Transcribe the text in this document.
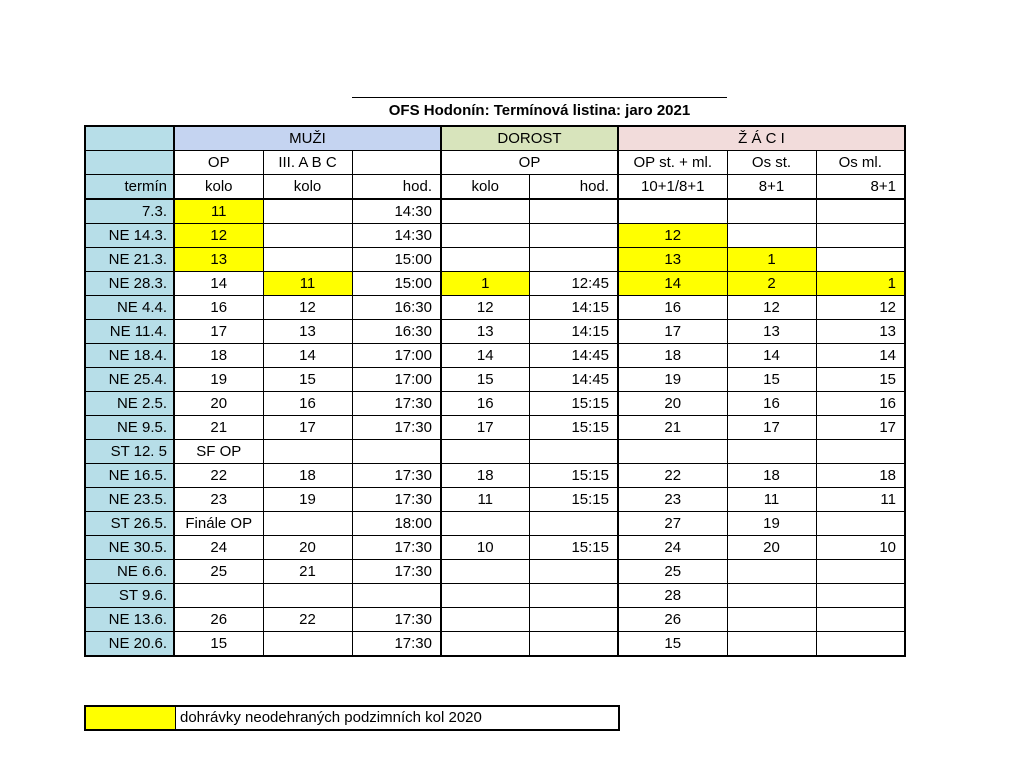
OFS Hodonín: Termínová listina: jaro 2021
	MUŽI			DOROST		Ž Á C I		
	OP	III. A B C		OP		OP st. + ml.	Os st.	Os ml.
termín	kolo	kolo	hod.	kolo	hod.	10+1/8+1	8+1	8+1
7.3.	11		14:30					
NE 14.3.	12		14:30			12		
NE 21.3.	13		15:00			13	1	
NE 28.3.	14	11	15:00	1	12:45	14	2	1
NE 4.4.	16	12	16:30	12	14:15	16	12	12
NE 11.4.	17	13	16:30	13	14:15	17	13	13
NE 18.4.	18	14	17:00	14	14:45	18	14	14
NE 25.4.	19	15	17:00	15	14:45	19	15	15
NE 2.5.	20	16	17:30	16	15:15	20	16	16
NE 9.5.	21	17	17:30	17	15:15	21	17	17
ST 12. 5	SF OP							
NE 16.5.	22	18	17:30	18	15:15	22	18	18
NE 23.5.	23	19	17:30	11	15:15	23	11	11
ST 26.5.	Finále OP		18:00			27	19	
NE 30.5.	24	20	17:30	10	15:15	24	20	10
NE 6.6.	25	21	17:30			25		
ST 9.6.						28		
NE 13.6.	26	22	17:30			26		
NE 20.6.	15		17:30			15		
dohrávky neodehraných podzimních kol 2020
